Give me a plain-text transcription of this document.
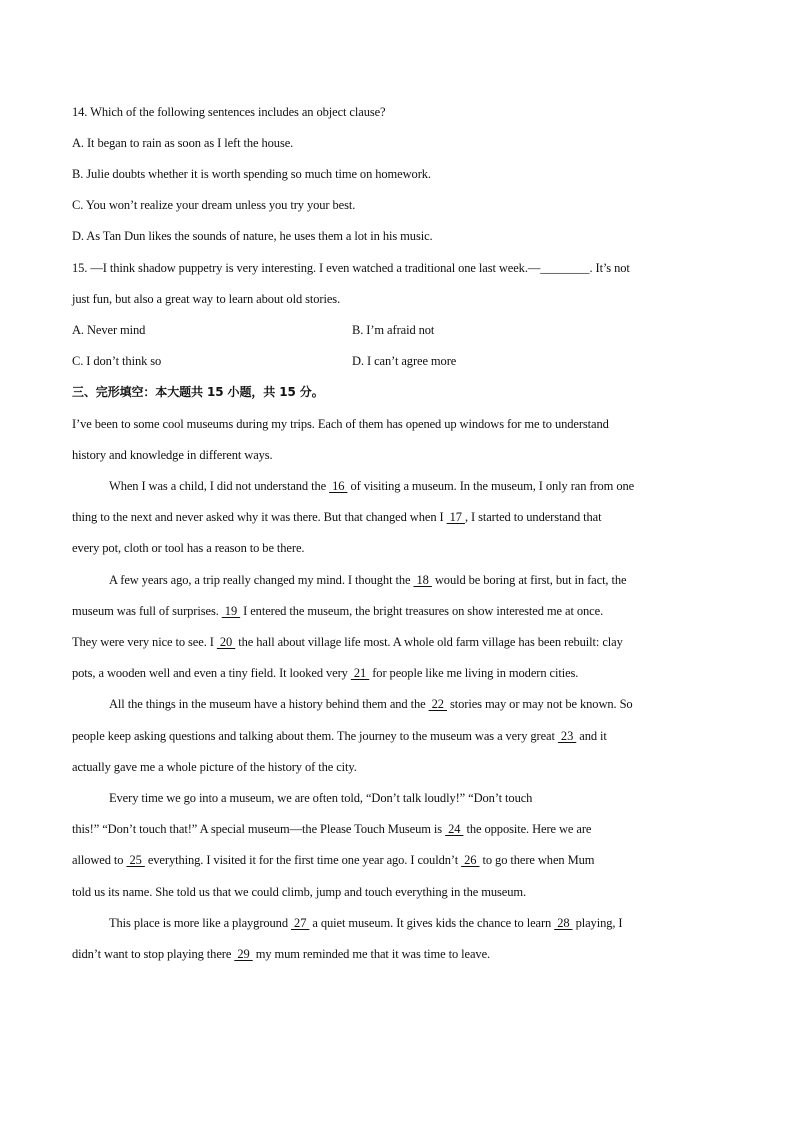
14. Which of the following sentences includes an object clause?
A. It began to rain as soon as I left the house.
B. Julie doubts whether it is worth spending so much time on homework.
C. You won’t realize your dream unless you try your best.
D. As Tan Dun likes the sounds of nature, he uses them a lot in his music.
15. —I think shadow puppetry is very interesting. I even watched a traditional one last week.—________. It’s not
just fun, but also a great way to learn about old stories.
A. Never mind	B. I’m afraid not
C. I don’t think so	D. I can’t agree more
三、完形填空：本大题共 15 小题，共 15 分。
I’ve been to some cool museums during my trips. Each of them has opened up windows for me to understand
history and knowledge in different ways.
When I was a child, I did not understand the  16  of visiting a museum. In the museum, I only ran from one
thing to the next and never asked why it was there. But that changed when I  17 , I started to understand that
every pot, cloth or tool has a reason to be there.
A few years ago, a trip really changed my mind. I thought the  18  would be boring at first, but in fact, the
museum was full of surprises.  19  I entered the museum, the bright treasures on show interested me at once.
They were very nice to see. I  20  the hall about village life most. A whole old farm village has been rebuilt: clay
pots, a wooden well and even a tiny field. It looked very  21  for people like me living in modern cities.
All the things in the museum have a history behind them and the  22  stories may or may not be known. So
people keep asking questions and talking about them. The journey to the museum was a very great  23  and it
actually gave me a whole picture of the history of the city.
Every time we go into a museum, we are often told, “Don’t talk loudly!” “Don’t touch
this!” “Don’t touch that!” A special museum—the Please Touch Museum is  24  the opposite. Here we are
allowed to  25  everything. I visited it for the first time one year ago. I couldn’t  26  to go there when Mum
told us its name. She told us that we could climb, jump and touch everything in the museum.
This place is more like a playground  27  a quiet museum. It gives kids the chance to learn  28  playing, I
didn’t want to stop playing there  29  my mum reminded me that it was time to leave.
